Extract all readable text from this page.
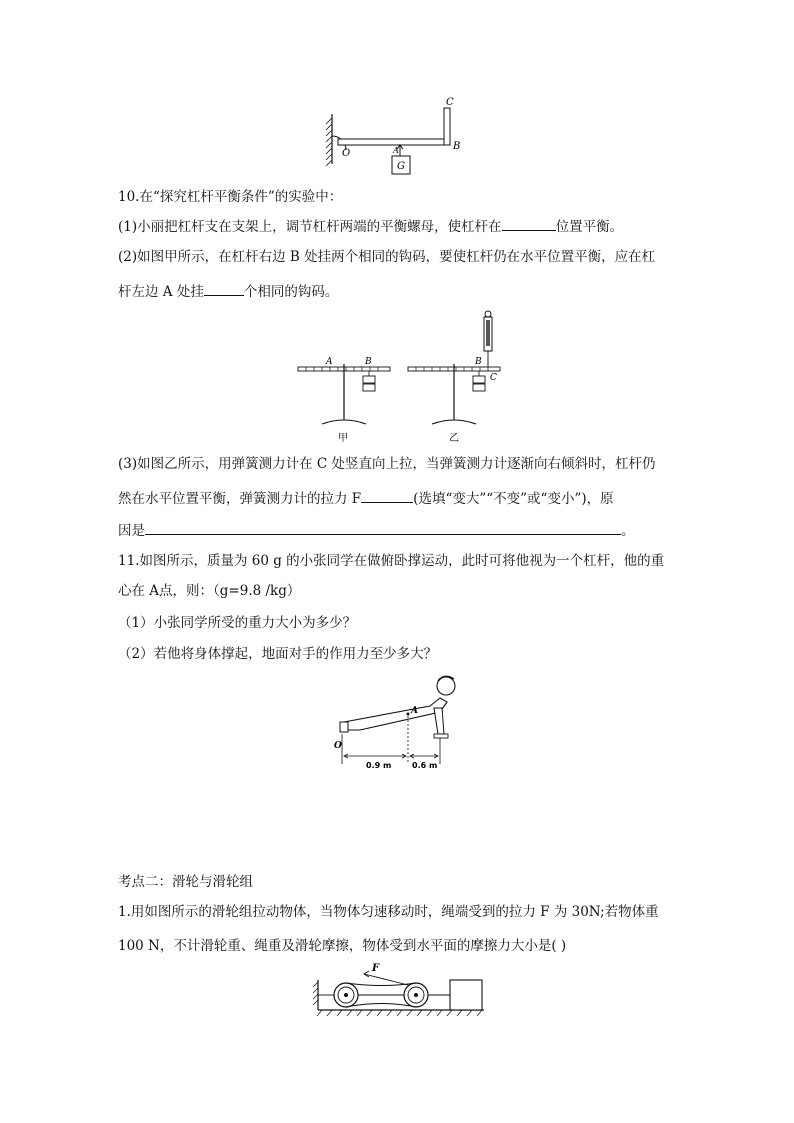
C
B
O	A
G
10.在“探究杠杆平衡条件”的实验中：
(1)小丽把杠杆支在支架上，调节杠杆两端的平衡螺母，使杠杆在	位置平衡。
(2)如图甲所示，在杠杆右边 B 处挂两个相同的钩码，要使杠杆仍在水平位置平衡，应在杠
杆左边 A 处挂	个相同的钩码。
A	B
甲
B
C
乙
(3)如图乙所示，用弹簧测力计在 C 处竖直向上拉，当弹簧测力计逐渐向右倾斜时，杠杆仍
然在水平位置平衡，弹簧测力计的拉力 F	(选填“变大”“不变”或“变小”)，原
因是	。
11.如图所示，质量为 60 g 的小张同学在做俯卧撑运动，此时可将他视为一个杠杆，他的重
心在 A点，则：（g=9.8 /kg）
（1）小张同学所受的重力大小为多少？
（2）若他将身体撑起，地面对手的作用力至少多大？
A
O
0.9 m	0.6 m
考点二：滑轮与滑轮组
1.用如图所示的滑轮组拉动物体，当物体匀速移动时，绳端受到的拉力 F 为 30N;若物体重
100 N，不计滑轮重、绳重及滑轮摩擦，物体受到水平面的摩擦力大小是( )
F
